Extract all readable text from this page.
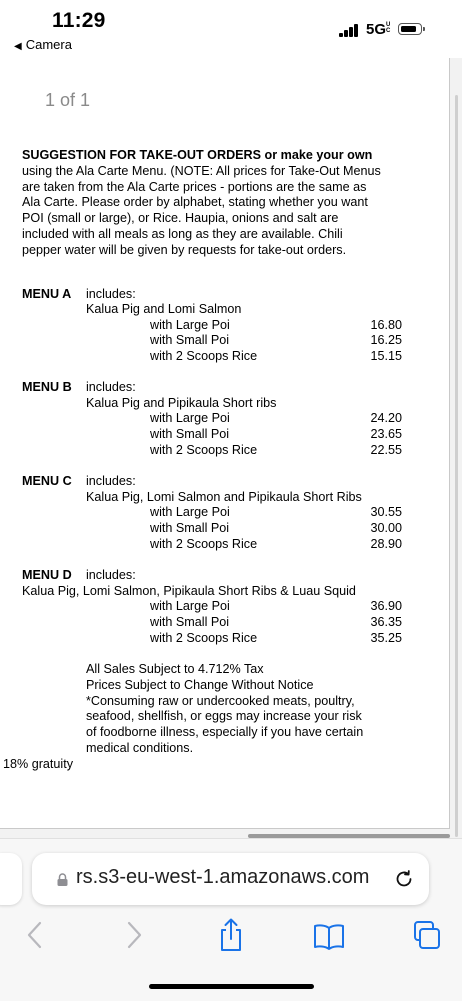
11:29
◀ Camera
5GUC
1 of 1
SUGGESTION FOR TAKE-OUT ORDERS or make your own
using the Ala Carte Menu. (NOTE: All prices for Take-Out Menus
are taken from the Ala Carte prices - portions are the same as
Ala Carte. Please order by alphabet, stating whether you want
POI (small or large), or Rice. Haupia, onions and salt are
included with all meals as long as they are available. Chili
pepper water will be given by requests for take-out orders.
MENU A includes:
Kalua Pig and Lomi Salmon
with Large Poi	16.80
with Small Poi	16.25
with 2 Scoops Rice	15.15
MENU B includes:
Kalua Pig and Pipikaula Short ribs
with Large Poi	24.20
with Small Poi	23.65
with 2 Scoops Rice	22.55
MENU C includes:
Kalua Pig, Lomi Salmon and Pipikaula Short Ribs
with Large Poi	30.55
with Small Poi	30.00
with 2 Scoops Rice	28.90
MENU D includes:
Kalua Pig, Lomi Salmon, Pipikaula Short Ribs & Luau Squid
with Large Poi	36.90
with Small Poi	36.35
with 2 Scoops Rice	35.25
All Sales Subject to 4.712% Tax
Prices Subject to Change Without Notice
*Consuming raw or undercooked meats, poultry,
seafood, shellfish, or eggs may increase your risk
of foodborne illness, especially if you have certain
medical conditions.
18% gratuity
rs.s3-eu-west-1.amazonaws.com
